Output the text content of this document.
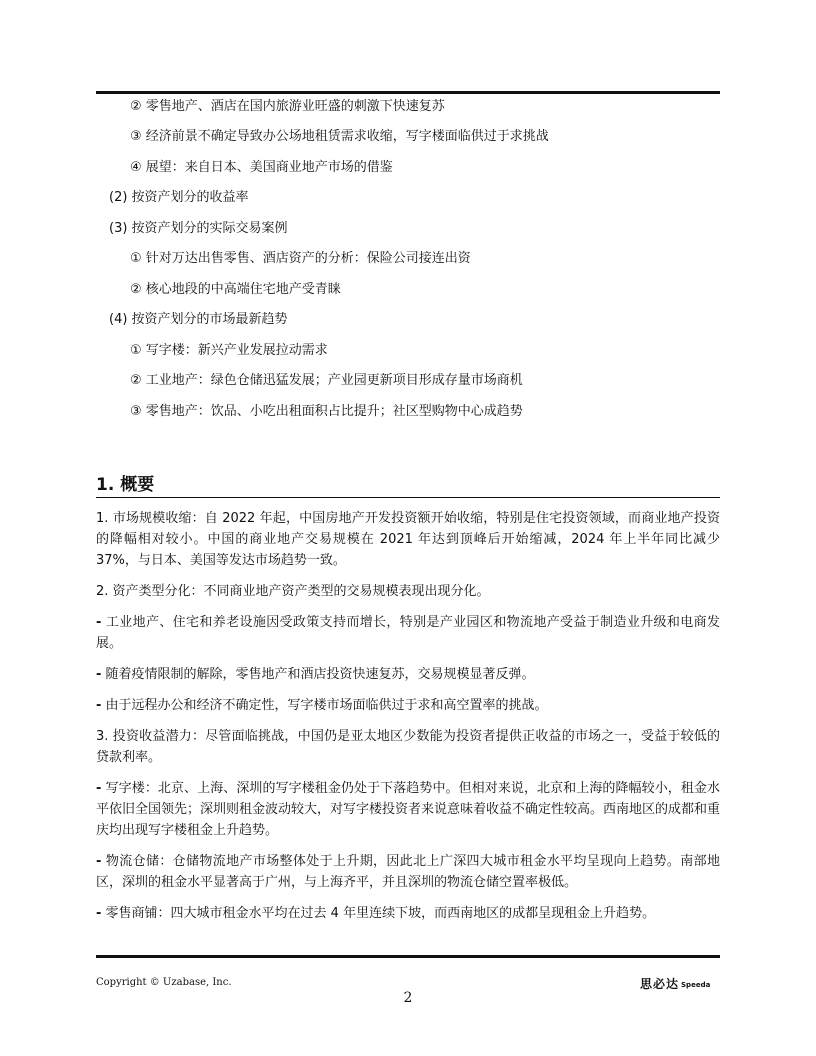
② 零售地产、酒店在国内旅游业旺盛的刺激下快速复苏
③ 经济前景不确定导致办公场地租赁需求收缩，写字楼面临供过于求挑战
④ 展望：来自日本、美国商业地产市场的借鉴
(2) 按资产划分的收益率
(3) 按资产划分的实际交易案例
① 针对万达出售零售、酒店资产的分析：保险公司接连出资
② 核心地段的中高端住宅地产受青睐
(4) 按资产划分的市场最新趋势
① 写字楼：新兴产业发展拉动需求
② 工业地产：绿色仓储迅猛发展；产业园更新项目形成存量市场商机
③ 零售地产：饮品、小吃出租面积占比提升；社区型购物中心成趋势
1. 概要

1. 市场规模收缩：自 2022 年起，中国房地产开发投资额开始收缩，特别是住宅投资领域，而商业地产投资的降幅相对较小。中国的商业地产交易规模在 2021 年达到顶峰后开始缩减，2024 年上半年同比减少 37%，与日本、美国等发达市场趋势一致。

2. 资产类型分化：不同商业地产资产类型的交易规模表现出现分化。

- 工业地产、住宅和养老设施因受政策支持而增长，特别是产业园区和物流地产受益于制造业升级和电商发展。

- 随着疫情限制的解除，零售地产和酒店投资快速复苏，交易规模显著反弹。

- 由于远程办公和经济不确定性，写字楼市场面临供过于求和高空置率的挑战。

3. 投资收益潜力：尽管面临挑战，中国仍是亚太地区少数能为投资者提供正收益的市场之一，受益于较低的贷款利率。

- 写字楼：北京、上海、深圳的写字楼租金仍处于下落趋势中。但相对来说，北京和上海的降幅较小，租金水平依旧全国领先；深圳则租金波动较大，对写字楼投资者来说意味着收益不确定性较高。西南地区的成都和重庆均出现写字楼租金上升趋势。

- 物流仓储：仓储物流地产市场整体处于上升期，因此北上广深四大城市租金水平均呈现向上趋势。南部地区，深圳的租金水平显著高于广州，与上海齐平，并且深圳的物流仓储空置率极低。

- 零售商铺：四大城市租金水平均在过去 4 年里连续下坡，而西南地区的成都呈现租金上升趋势。

Copyright © Uzabase, Inc.	思必达 Speeda
2
